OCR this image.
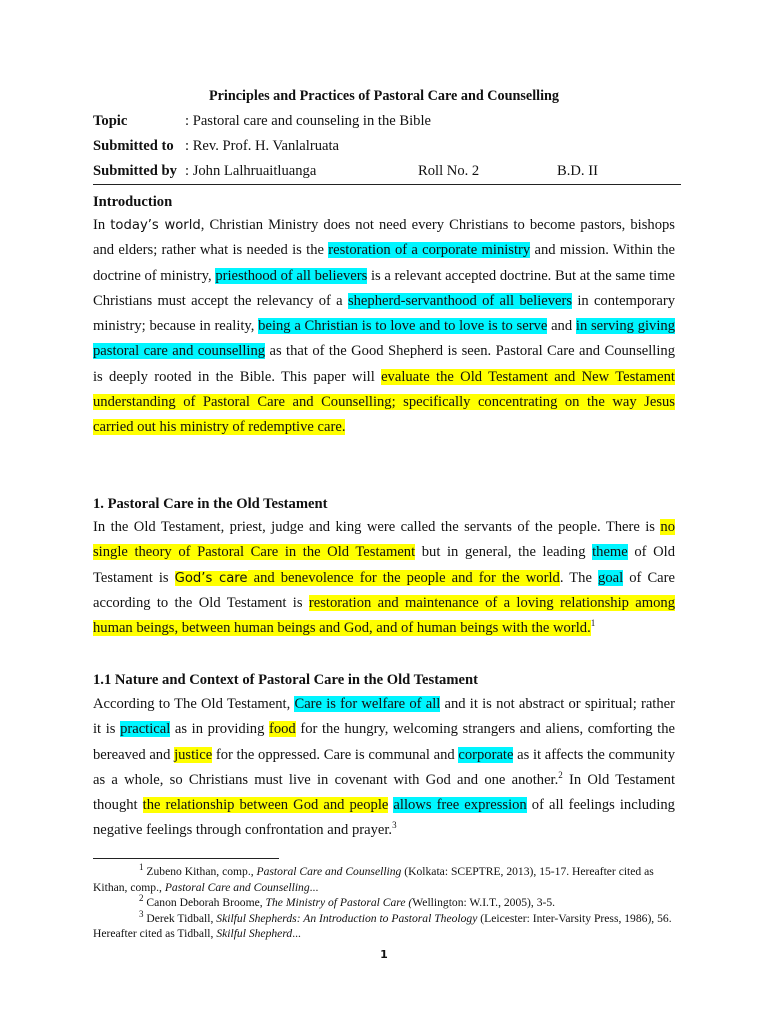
Principles and Practices of Pastoral Care and Counselling
Topic	: Pastoral care and counseling in the Bible
Submitted to : Rev. Prof. H. Vanlalruata
Submitted by : John Lalhruaitluanga	Roll No. 2	B.D. II
Introduction
In today’s world, Christian Ministry does not need every Christians to become pastors, bishops and elders; rather what is needed is the restoration of a corporate ministry and mission. Within the doctrine of ministry, priesthood of all believers is a relevant accepted doctrine. But at the same time Christians must accept the relevancy of a shepherd-servanthood of all believers in contemporary ministry; because in reality, being a Christian is to love and to love is to serve and in serving giving pastoral care and counselling as that of the Good Shepherd is seen. Pastoral Care and Counselling is deeply rooted in the Bible. This paper will evaluate the Old Testament and New Testament understanding of Pastoral Care and Counselling; specifically concentrating on the way Jesus carried out his ministry of redemptive care.
1. Pastoral Care in the Old Testament
In the Old Testament, priest, judge and king were called the servants of the people. There is no single theory of Pastoral Care in the Old Testament but in general, the leading theme of Old Testament is God’s care and benevolence for the people and for the world. The goal of Care according to the Old Testament is restoration and maintenance of a loving relationship among human beings, between human beings and God, and of human beings with the world.$^1$
1.1 Nature and Context of Pastoral Care in the Old Testament
According to The Old Testament, Care is for welfare of all and it is not abstract or spiritual; rather it is practical as in providing food for the hungry, welcoming strangers and aliens, comforting the bereaved and justice for the oppressed. Care is communal and corporate as it affects the community as a whole, so Christians must live in covenant with God and one another.$^2$ In Old Testament thought the relationship between God and people allows free expression of all feelings including negative feelings through confrontation and prayer.$^3$

$^1$ Zubeno Kithan, comp., Pastoral Care and Counselling (Kolkata: SCEPTRE, 2013), 15-17. Hereafter cited as Kithan, comp., Pastoral Care and Counselling...

$^2$ Canon Deborah Broome, The Ministry of Pastoral Care (Wellington: W.I.T., 2005), 3-5.

$^3$ Derek Tidball, Skilful Shepherds: An Introduction to Pastoral Theology (Leicester: Inter-Varsity Press, 1986), 56. Hereafter cited as Tidball, Skilful Shepherd...

1
